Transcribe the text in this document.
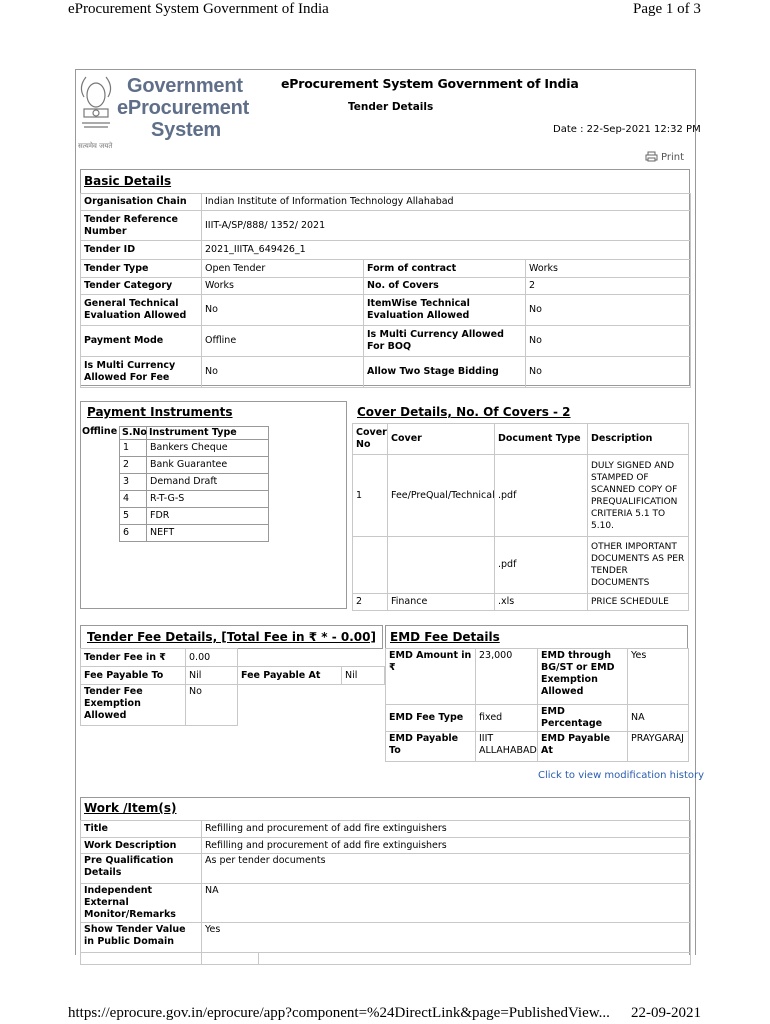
eProcurement System Government of India	Page 1 of 3
सत्यमेव जयते
Government
eProcurement
System
eProcurement System Government of India
Tender Details
Date : 22-Sep-2021 12:32 PM
Print
Basic Details
Organisation Chain	Indian Institute of Information Technology Allahabad		
Tender Reference Number	IIIT-A/SP/888/ 1352/ 2021		
Tender ID	2021_IIITA_649426_1		
Tender Type	Open Tender	Form of contract	Works
Tender Category	Works	No. of Covers	2
General Technical Evaluation Allowed	No	ItemWise Technical Evaluation Allowed	No
Payment Mode	Offline	Is Multi Currency Allowed For BOQ	No
Is Multi Currency Allowed For Fee	No	Allow Two Stage Bidding	No
Payment Instruments
Offline S.No	Instrument Type
1	Bankers Cheque
2	Bank Guarantee
3	Demand Draft
4	R-T-G-S
5	FDR
6	NEFT
Cover Details, No. Of Covers - 2
Cover No	Cover	Document Type	Description
1	Fee/PreQual/Technical	.pdf	DULY SIGNED AND STAMPED OF SCANNED COPY OF PREQUALIFICATION CRITERIA 5.1 TO 5.10.
		.pdf	OTHER IMPORTANT DOCUMENTS AS PER TENDER DOCUMENTS
2	Finance	.xls	PRICE SCHEDULE
Tender Fee Details, [Total Fee in ₹ * - 0.00]
Tender Fee in ₹	0.00		
Fee Payable To	Nil	Fee Payable At	Nil
Tender Fee Exemption Allowed	No		
EMD Fee Details
EMD Amount in ₹	23,000	EMD through BG/ST or EMD Exemption Allowed	Yes
EMD Fee Type	fixed	EMD Percentage	NA
EMD Payable To	IIIT ALLAHABAD	EMD Payable At	PRAYGARAJ
Click to view modification history
Work /Item(s)
Title	Refilling and procurement of add fire extinguishers	
Work Description	Refilling and procurement of add fire extinguishers	
Pre Qualification Details	As per tender documents	
Independent External Monitor/Remarks	NA	
Show Tender Value in Public Domain	Yes	

https://eprocure.gov.in/eprocure/app?component=%24DirectLink&page=PublishedView... 22-09-2021
